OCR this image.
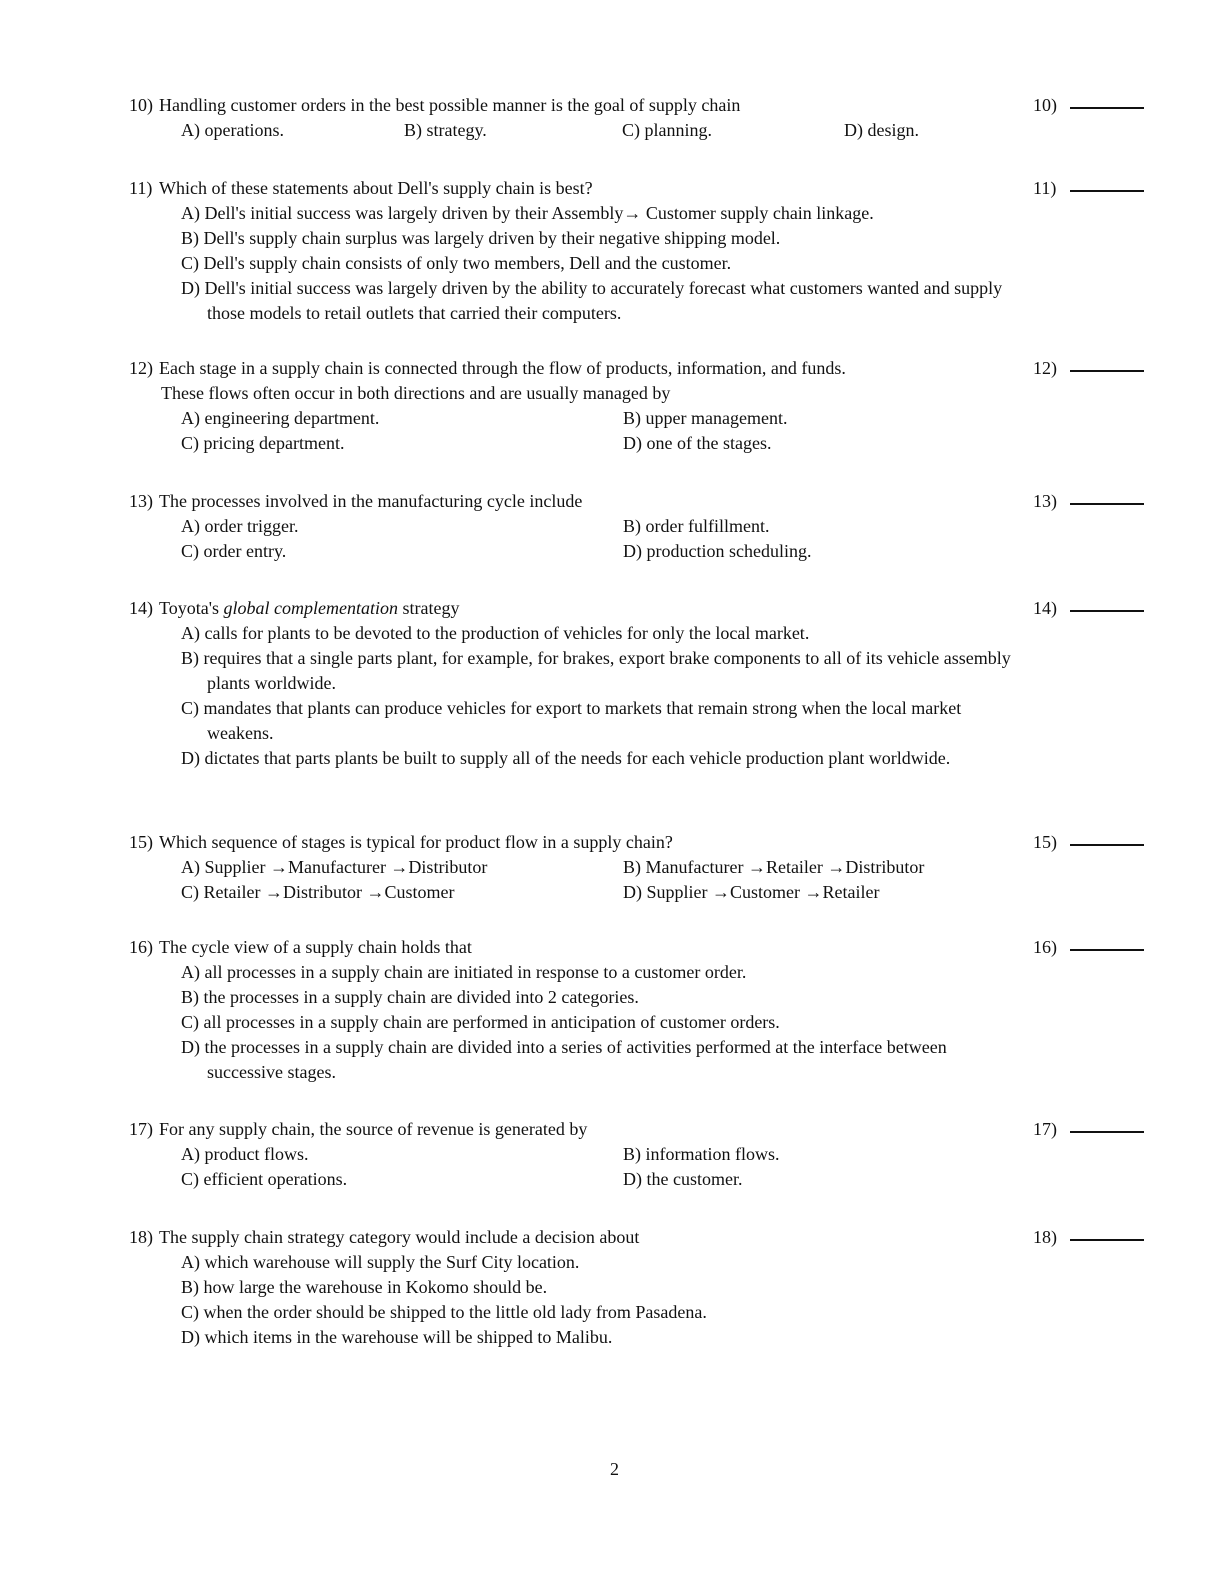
10) Handling customer orders in the best possible manner is the goal of supply chain	10)
A) operations.	B) strategy.	C) planning.	D) design.
11) Which of these statements about Dell's supply chain is best?	11)
A) Dell's initial success was largely driven by their Assembly→ Customer supply chain linkage.
B) Dell's supply chain surplus was largely driven by their negative shipping model.
C) Dell's supply chain consists of only two members, Dell and the customer.
D) Dell's initial success was largely driven by the ability to accurately forecast what customers wanted and supply those models to retail outlets that carried their computers.
12) Each stage in a supply chain is connected through the flow of products, information, and funds.
These flows often occur in both directions and are usually managed by
12)
A) engineering department.	B) upper management.
C) pricing department.	D) one of the stages.
13) The processes involved in the manufacturing cycle include	13)
A) order trigger.	B) order fulfillment.
C) order entry.	D) production scheduling.
14) Toyota's global complementation strategy	14)
A) calls for plants to be devoted to the production of vehicles for only the local market.
B) requires that a single parts plant, for example, for brakes, export brake components to all of its vehicle assembly plants worldwide.
C) mandates that plants can produce vehicles for export to markets that remain strong when the local market weakens.
D) dictates that parts plants be built to supply all of the needs for each vehicle production plant worldwide.
15) Which sequence of stages is typical for product flow in a supply chain?	15)
A) Supplier →Manufacturer →Distributor	B) Manufacturer →Retailer →Distributor
C) Retailer →Distributor →Customer	D) Supplier →Customer →Retailer
16) The cycle view of a supply chain holds that	16)
A) all processes in a supply chain are initiated in response to a customer order.
B) the processes in a supply chain are divided into 2 categories.
C) all processes in a supply chain are performed in anticipation of customer orders.
D) the processes in a supply chain are divided into a series of activities performed at the interface between successive stages.
17) For any supply chain, the source of revenue is generated by	17)
A) product flows.	B) information flows.
C) efficient operations.	D) the customer.
18) The supply chain strategy category would include a decision about	18)
A) which warehouse will supply the Surf City location.
B) how large the warehouse in Kokomo should be.
C) when the order should be shipped to the little old lady from Pasadena.
D) which items in the warehouse will be shipped to Malibu.
2
